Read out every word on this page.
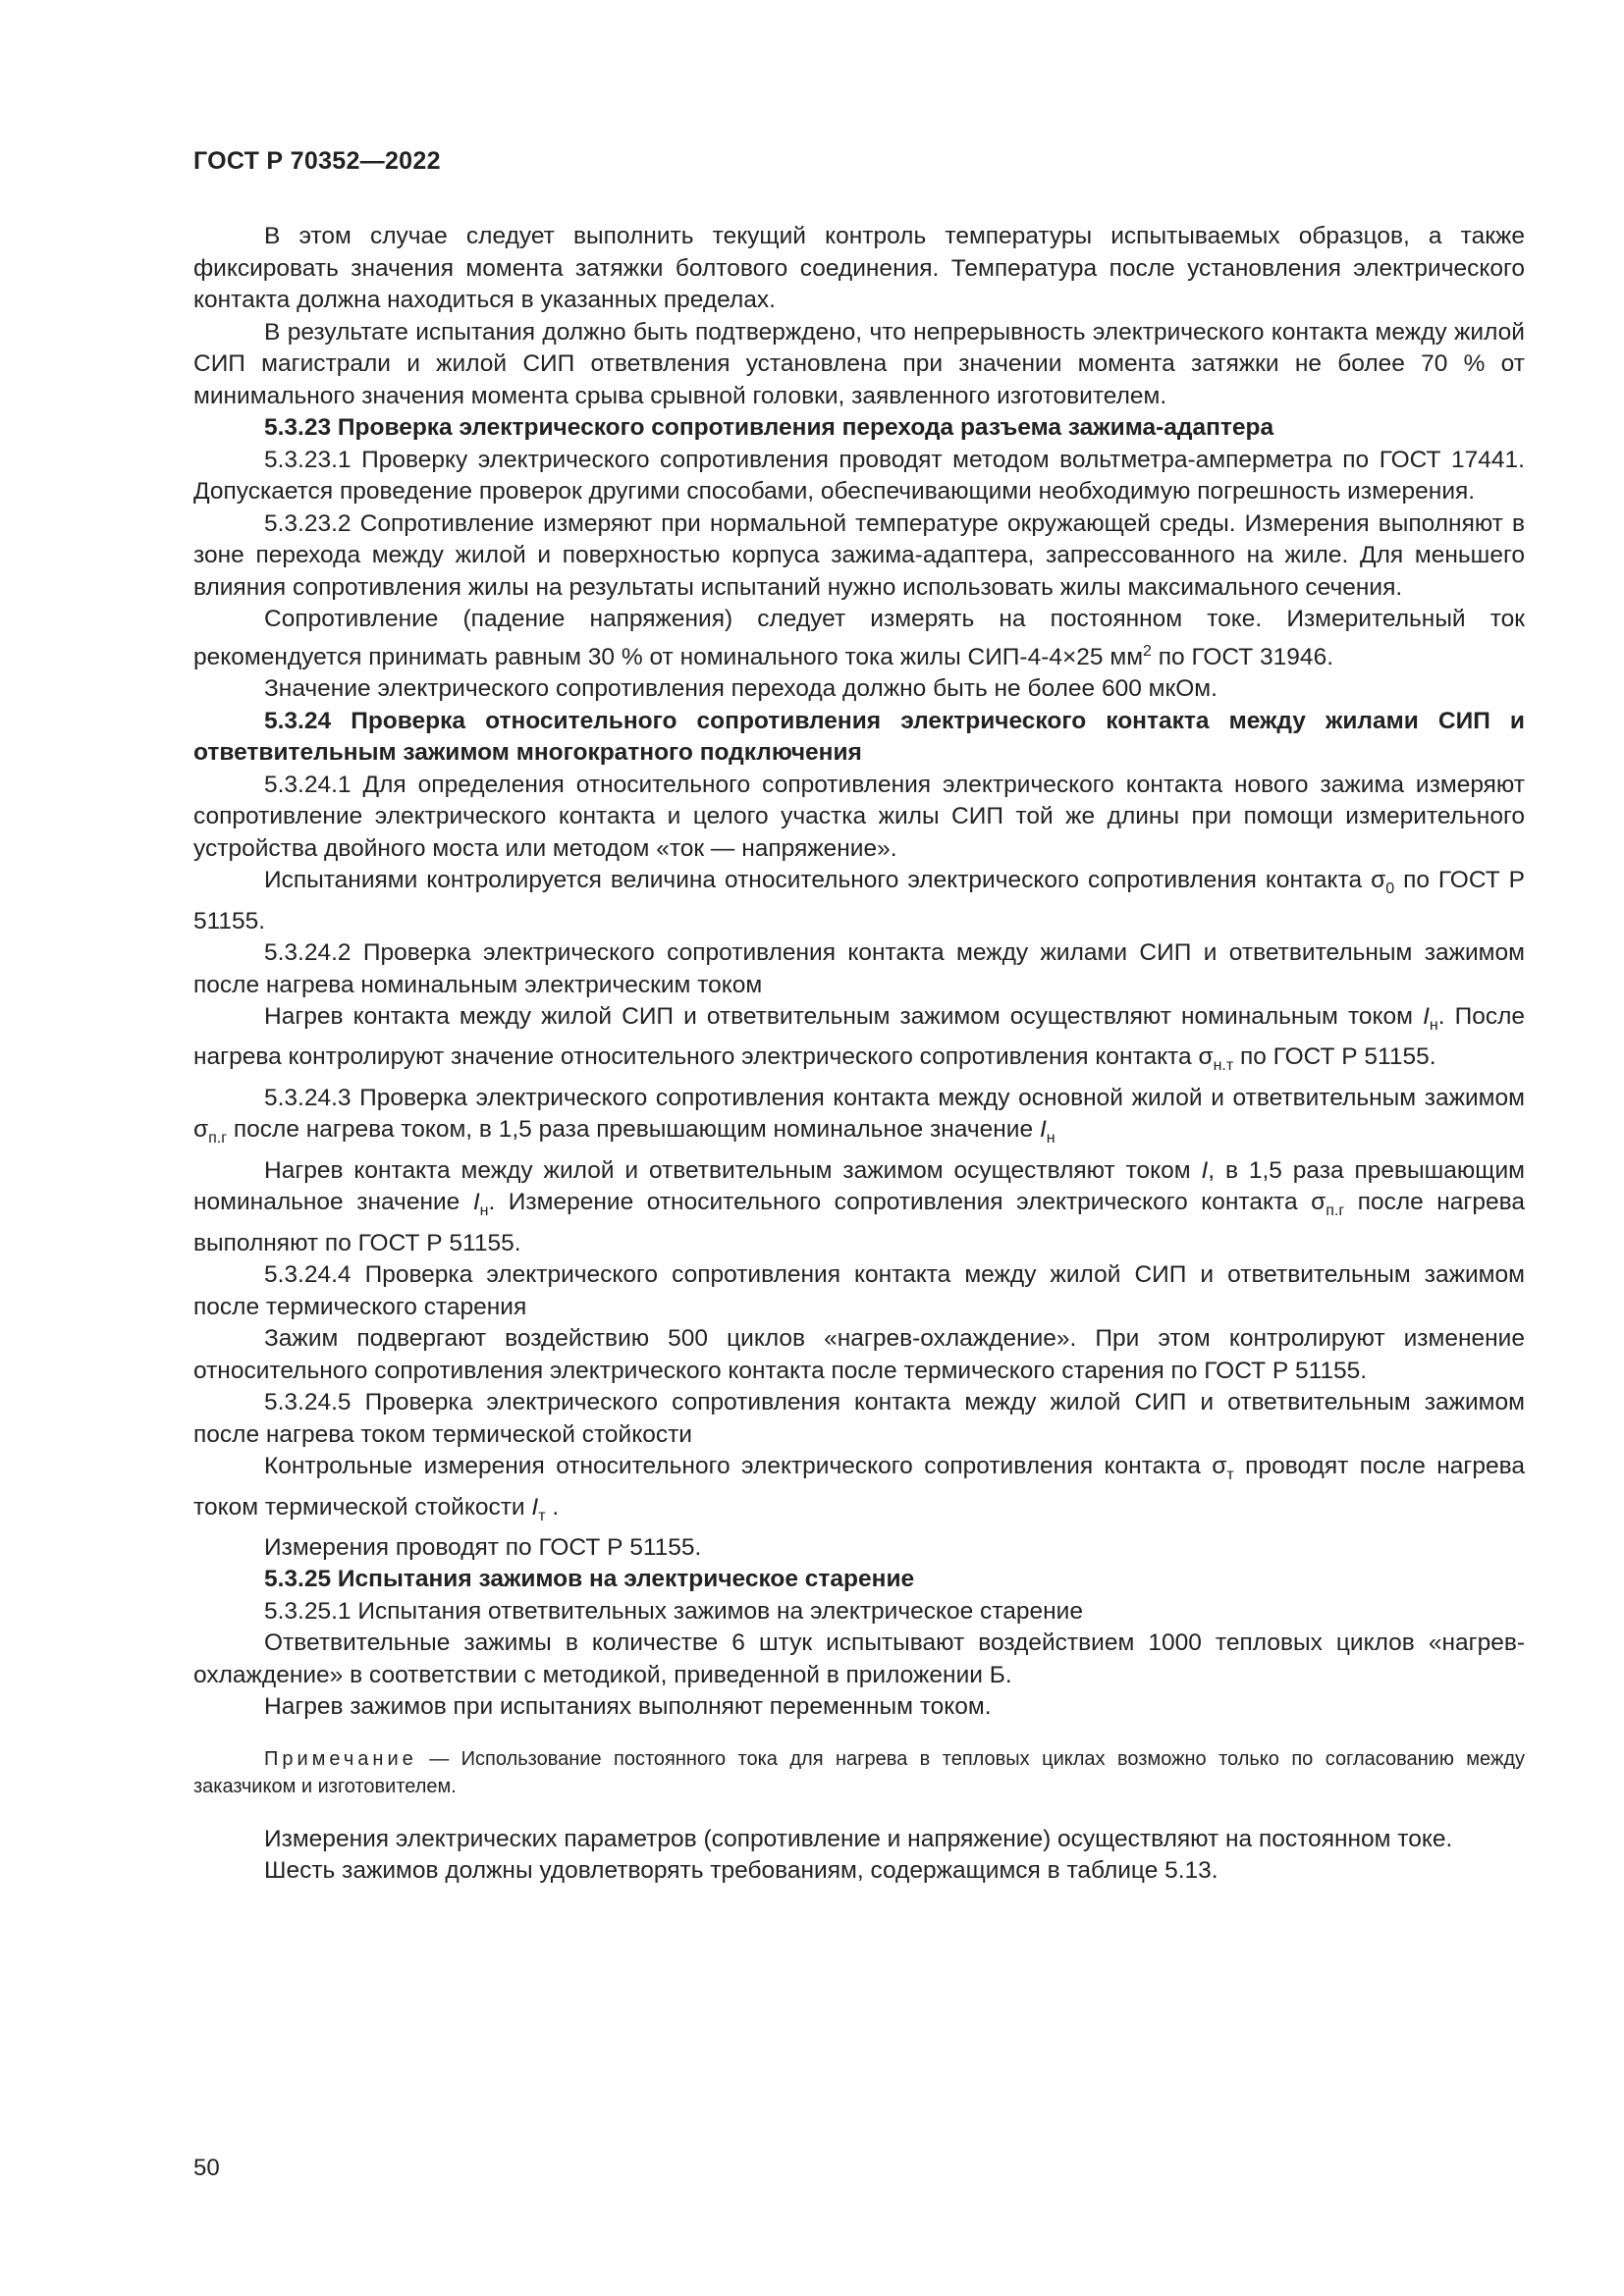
ГОСТ Р 70352—2022

В этом случае следует выполнить текущий контроль температуры испытываемых образцов, а также фиксировать значения момента затяжки болтового соединения. Температура после установления электрического контакта должна находиться в указанных пределах.

В результате испытания должно быть подтверждено, что непрерывность электрического контакта между жилой СИП магистрали и жилой СИП ответвления установлена при значении момента затяжки не более 70 % от минимального значения момента срыва срывной головки, заявленного изготовителем.

5.3.23 Проверка электрического сопротивления перехода разъема зажима-адаптера

5.3.23.1 Проверку электрического сопротивления проводят методом вольтметра-амперметра по ГОСТ 17441. Допускается проведение проверок другими способами, обеспечивающими необходимую погрешность измерения.

5.3.23.2 Сопротивление измеряют при нормальной температуре окружающей среды. Измерения выполняют в зоне перехода между жилой и поверхностью корпуса зажима-адаптера, запрессованного на жиле. Для меньшего влияния сопротивления жилы на результаты испытаний нужно использовать жилы максимального сечения.

Сопротивление (падение напряжения) следует измерять на постоянном токе. Измерительный ток рекомендуется принимать равным 30 % от номинального тока жилы СИП-4-4×25 $мм^2$ по ГОСТ 31946.

Значение электрического сопротивления перехода должно быть не более 600 мкОм.

5.3.24 Проверка относительного сопротивления электрического контакта между жилами СИП и ответвительным зажимом многократного подключения

5.3.24.1 Для определения относительного сопротивления электрического контакта нового зажима измеряют сопротивление электрического контакта и целого участка жилы СИП той же длины при помощи измерительного устройства двойного моста или методом «ток — напряжение».

Испытаниями контролируется величина относительного электрического сопротивления контакта $\sigma_0$ по ГОСТ Р 51155.

5.3.24.2 Проверка электрического сопротивления контакта между жилами СИП и ответвительным зажимом после нагрева номинальным электрическим током

Нагрев контакта между жилой СИП и ответвительным зажимом осуществляют номинальным током $I_н$. После нагрева контролируют значение относительного электрического сопротивления контакта $\sigma_{н.т}$ по ГОСТ Р 51155.

5.3.24.3 Проверка электрического сопротивления контакта между основной жилой и ответвительным зажимом $\sigma_{п.г}$ после нагрева током, в 1,5 раза превышающим номинальное значение $I_н$

Нагрев контакта между жилой и ответвительным зажимом осуществляют током I, в 1,5 раза превышающим номинальное значение $I_н$. Измерение относительного сопротивления электрического контакта $\sigma_{п.г}$ после нагрева выполняют по ГОСТ Р 51155.

5.3.24.4 Проверка электрического сопротивления контакта между жилой СИП и ответвительным зажимом после термического старения

Зажим подвергают воздействию 500 циклов «нагрев-охлаждение». При этом контролируют изменение относительного сопротивления электрического контакта после термического старения по ГОСТ Р 51155.

5.3.24.5 Проверка электрического сопротивления контакта между жилой СИП и ответвительным зажимом после нагрева током термической стойкости

Контрольные измерения относительного электрического сопротивления контакта $\sigma_т$ проводят после нагрева током термической стойкости $I_т$ .

Измерения проводят по ГОСТ Р 51155.

5.3.25 Испытания зажимов на электрическое старение

5.3.25.1 Испытания ответвительных зажимов на электрическое старение

Ответвительные зажимы в количестве 6 штук испытывают воздействием 1000 тепловых циклов «нагрев-охлаждение» в соответствии с методикой, приведенной в приложении Б.

Нагрев зажимов при испытаниях выполняют переменным током.

Примечание — Использование постоянного тока для нагрева в тепловых циклах возможно только по согласованию между заказчиком и изготовителем.

Измерения электрических параметров (сопротивление и напряжение) осуществляют на постоянном токе.

Шесть зажимов должны удовлетворять требованиям, содержащимся в таблице 5.13.

50
